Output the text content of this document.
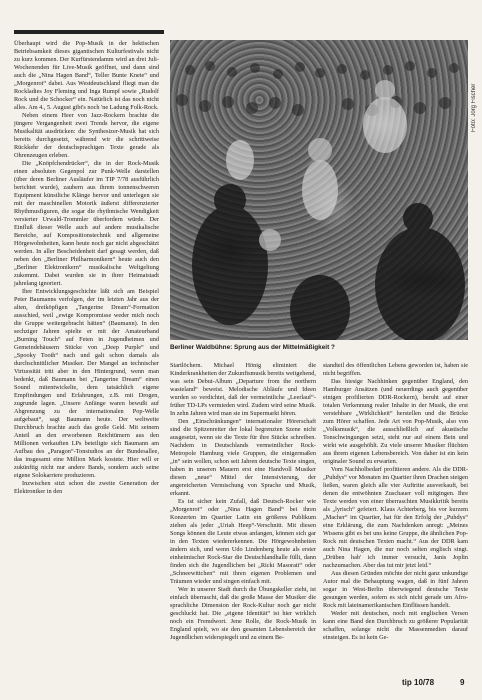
Überhaupt wird die Pop-Musik in der hektischen Betriebsamkeit dieses gigantischen Kulturfestivals nicht zu kurz kommen. Der Kurfürstendamm wird an drei Juli-Wochenenden für Live-Musik geöffnet, und dann sind auch die „Nina Hagen Band“, Teller Bunte Knete“ und „Morgenrot“ dabei. Aus Westdeutschland fliegt man die Rockladies Joy Fleming und Inga Rumpf sowie „Rudolf Rock und die Schocker“ ein. Natürlich ist das noch nicht alles. Am 4., 5. August gibt's noch 'ne Ladung Folk-Rock.

Neben einem Heer von Jazz-Rockern brachte die jüngere Vergangenheit zwei Trends hervor, die eigene Musikalität ausdrücken: die Synthesizer-Musik hat sich bereits durchgesetzt, während wir die schrittweise Rückkehr der deutschsprachigen Texte gerade als Ohrenzeugen erleben.

Die „Knöpfchendrücker“, die in der Rock-Musik einen absoluten Gegenpol zur Punk-Welle darstellen (über deren Berliner Ausläufer im TIP 7/78 ausführlich berichtet wurde), zaubern aus ihrem tonnenschweren Equipment künstliche Klänge hervor und unterlegen sie mit der maschinellen Motorik äußerst differenzierter Rhythmusfiguren, die sogar die rhythmische Wendigkeit versierter Urwald-Trommler überfordern würde. Der Einfluß dieser Welle auch auf andere musikalische Bereiche, auf Kompositionstechnik und allgemeine Hörgewohnheiten, kann heute noch gar nicht abgeschätzt werden. In aller Bescheidenheit darf gesagt werden, daß neben den „Berliner Philharmonikern“ heute auch den „Berliner Elektronikern“ musikalische Weltgeltung zukommt. Dabei wurden sie in ihrer Heimatstadt jahrelang ignoriert.

Ihre Entwicklungsgeschichte läßt sich am Beispiel Peter Baumanns verfolgen, der im letzten Jahr aus der alten, dreiköpfigen „Tangerine Dream“-Formation ausschied, weil „ewige Kompromisse weder mich noch die Gruppe weitergebracht hätten“ (Baumann). In den sechziger Jahren spielte er mit der Amateurband „Burning Touch“ auf Feten in Jugendheimen und Gemeindehäusern Stücke von „Deep Purple“ und „Spooky Tooth“ nach und galt schon damals als durchschnittlicher Musiker. Der Mangel an technischer Virtuosität tritt aber in den Hintergrund, wenn man bedenkt, daß Baumann bei „Tangerine Dream“ einen Sound mitentwickelte, dem tatsächlich eigene Empfindungen und Erfahrungen, z.B. mit Drogen, zugrunde lagen. „Unsere Anfänge waren bewußt auf Abgrenzung zu der internationalen Pop-Welle aufgebaut“, sagt Baumann heute. Der weltweite Durchbruch brachte auch das große Geld. Mit seinem Anteil an den erworbenen Reichtümern aus den Millionen verkauften LPs beteiligte sich Baumann am Aufbau des „Paragon“-Tonstudios an der Bundesallee, das insgesamt eine Million Mark kostete. Hier will er zukünftig nicht nur andere Bands, sondern auch seine eigene Solokarriere produzieren.

Inzwischen sitzt schon die zweite Generation der Elektroniker in den

Berliner Waldbühne: Sprung aus der Mittelmäßigkeit ?
Foto: Jörg Fischer

Startlöchern. Michael Hönig eliminiert die Kinderkrankheiten der Zukunftsmusik bereits weitgehend, was sein Debut-Album „Departure from the northern wasteland“ beweist. Melodische Abläufe und Ideen wurden so verdichtet, daß der vermeintliche „Leerlauf“-früher TD-LPs vermieden wird. Zudem wird seine Musik. In zehn Jahren wird man sie im Supermarkt hören.

Den „Einschränkungen“ internationaler Hörerschaft sind die Spitzenreiter der lokal begrenzten Szene nicht ausgesetzt, wenn sie die Texte für ihre Stücke schreiben. Nachdem in Deutschlands vermeintlicher Rock-Metropole Hamburg viele Gruppen, die einigermaßen „in“ sein wollen, schon seit Jahren deutsche Texte singen, haben in unseren Mauern erst eine Handvoll Musiker diesen „neue“ Mittel der Intensivierung, der angereicherten Vermischung von Sprache und Musik, erkannt.

Es ist sicher kein Zufall, daß Deutsch-Rocker wie „Morgenrot“ oder „Nina Hagen Band“ bei ihren Konzerten im Quartier Latin ein größeres Publikum ziehen als jeder „Uriah Heep“-Verschnitt. Mit diesen Songs können die Leute etwas anfangen, können sich gar in den Texten wiedererkennen. Die Hörgewohnheiten ändern sich, und wenn Udo Lindenberg heute als erster einheimischer Rock-Star die Deutschlandhalle füllt, dann finden sich die Jugendlichen bei „Ricki Masorati“ oder „Schneewittchen“ mit ihren eigenen Problemen und Träumen wieder und singen einfach mit.

Wer in unserer Stadt durch die Übungskeller zieht, ist einfach überrascht, daß die große Masse der Musiker die sprachliche Dimension der Rock-Kultur noch gar nicht geschluckt hat. Die „eigene Identität“ ist hier wirklich noch ein Fremdwort. Jene Rolle, die Rock-Musik in England spielt, wo sie den gesamten Lebensbereich der Jugendlichen widerspiegelt und zu einem Be-

standteil des öffentlichen Lebens geworden ist, haben sie nicht begriffen.

Das hiesige Nachhinken gegenüber England, den Hamburger Ansätzen (und neuerdings auch gegenüber einigen profilierten DDR-Rockern), beruht auf einer totalen Verkennung realer Inhalte in der Musik, die erst verstehbare „Wirklichkeit“ herstellen und die Brücke zum Hörer schaffen. Jede Art von Pop-Musik, also von „Volksmusik“, die ausschließlich auf akustische Tonschwingungen setzt, steht nur auf einem Bein und wirkt wie ausgehöhlt. Zu viele unserer Musiker flüchten aus ihrem eigenen Lebensbereich. Von daher ist ein kein originaler Sound zu erwarten.

Vom Nachholbedarf profitieren andere. Als die DDR-„Puhdys“ vor Monaten im Quartier ihren Drachen steigen ließen, waren gleich alle vier Auftritte ausverkauft, bei denen die entwöhnten Zuschauer voll mitgingen. Ihre Texte werden von einer überraschten Musikkritik bereits als „lyrisch“ gefeiert. Klaus Achterberg, bis vor kurzem „Macher“ im Quartier, hat für den Erfolg der „Puhdys“ eine Erklärung, die zum Nachdenken anregt: „Meines Wissens gibt es bei uns keine Gruppe, die ähnlichen Pop-Rock mit deutschen Texten macht.“ Aus der DDR kam auch Nina Hagen, die nur noch selten englisch singt. „Drüben hab' ich immer versucht, Janis Joplin nachzumachen. Aber das tut mir jetzt leid.“

Aus diesen Gründen möchte der nicht ganz unkundige Autor mal die Behauptung wagen, daß in fünf Jahren sogar in West-Berlin überwiegend deutsche Texte gesungen werden, sofern es sich nicht gerade um Afro-Rock mit lateinamerikanischen Einflüssen handelt.

Weder mit deutschen, noch mit englischen Versen kann eine Band den Durchbruch zu größerer Popularität schaffen, solange nicht die Massenmedien darauf einsteigen. Es ist kein Ge-

tip 10/78	9
